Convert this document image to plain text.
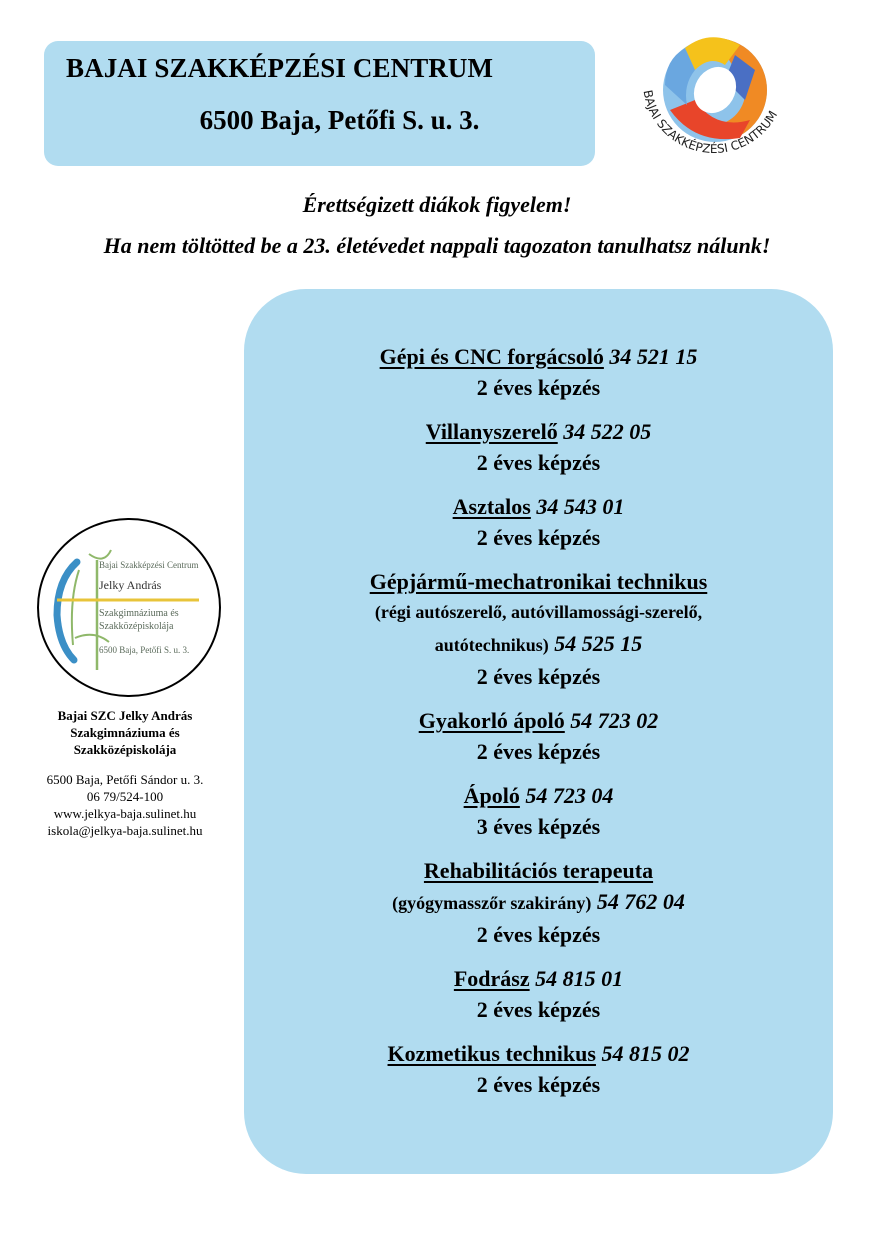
BAJAI SZAKKÉPZÉSI CENTRUM
6500 Baja, Petőfi S. u. 3.
BAJAI SZAKKÉPZÉSI CENTRUM
Érettségizett diákok figyelem!
Ha nem töltötted be a 23. életévedet nappali tagozaton tanulhatsz nálunk!
Gépi és CNC forgácsoló 34 521 15
2 éves képzés
Villanyszerelő 34 522 05
2 éves képzés
Asztalos 34 543 01
2 éves képzés
Gépjármű-mechatronikai technikus
(régi autószerelő, autóvillamossági-szerelő,
autótechnikus) 54 525 15
2 éves képzés
Gyakorló ápoló 54 723 02
2 éves képzés
Ápoló 54 723 04
3 éves képzés
Rehabilitációs terapeuta
(gyógymasszőr szakirány) 54 762 04
2 éves képzés
Fodrász 54 815 01
2 éves képzés
Kozmetikus technikus 54 815 02
2 éves képzés
Bajai Szakképzési Centrum
Jelky András
Szakgimnáziuma és
Szakközépiskolája
6500 Baja, Petőfi S. u. 3.
Bajai SZC Jelky András
Szakgimnáziuma és
Szakközépiskolája
6500 Baja, Petőfi Sándor u. 3.
06 79/524-100
www.jelkya-baja.sulinet.hu
iskola@jelkya-baja.sulinet.hu
